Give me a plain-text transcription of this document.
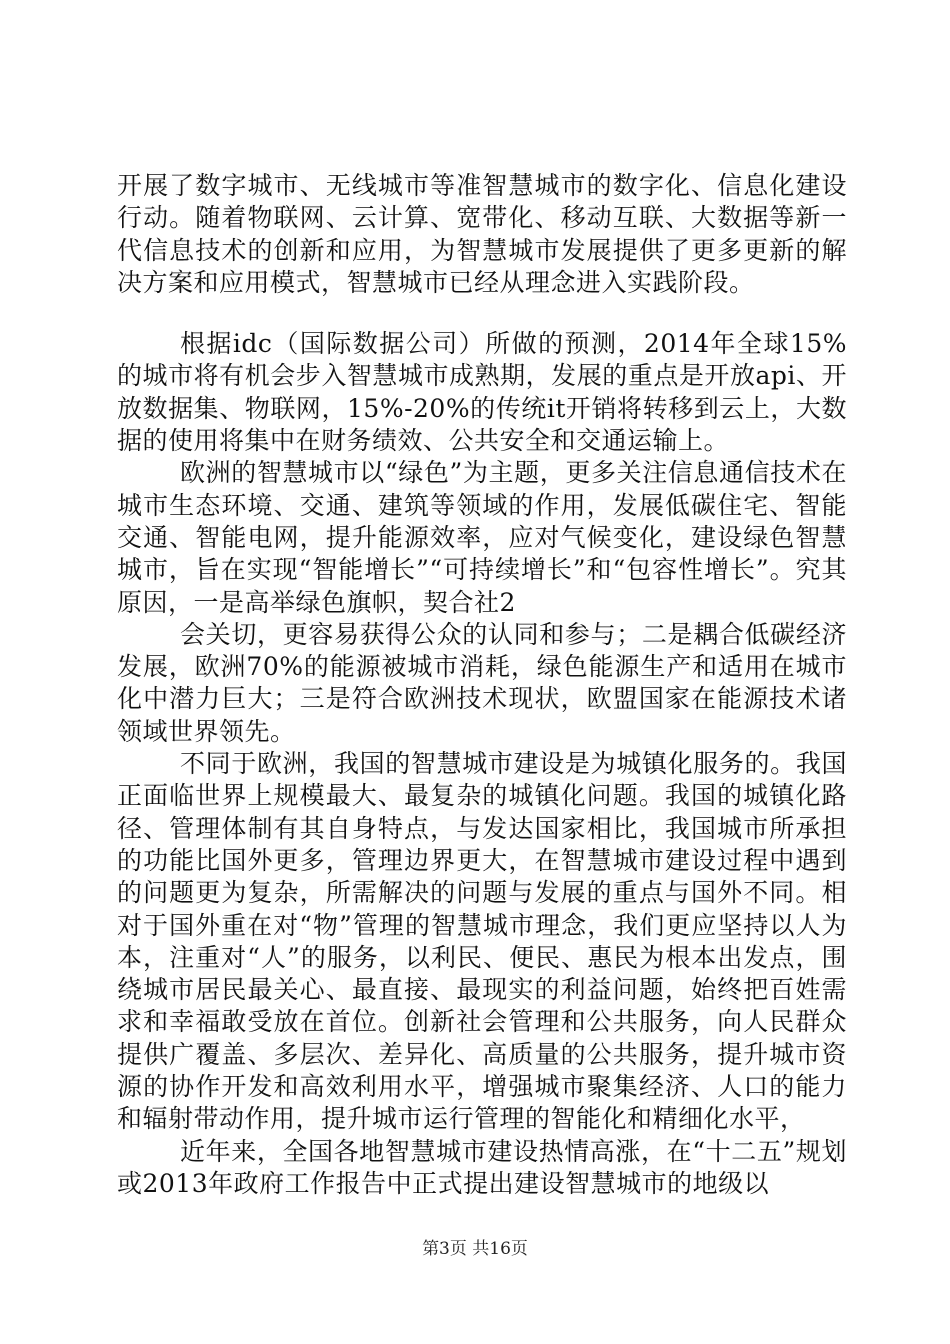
开展了数字城市、无线城市等准智慧城市的数字化、信息化建设行动。随着物联网、云计算、宽带化、移动互联、大数据等新一代信息技术的创新和应用，为智慧城市发展提供了更多更新的解决方案和应用模式，智慧城市已经从理念进入实践阶段。

根据idc（国际数据公司）所做的预测，2014年全球15%的城市将有机会步入智慧城市成熟期，发展的重点是开放api、开放数据集、物联网，15%-20%的传统it开销将转移到云上，大数据的使用将集中在财务绩效、公共安全和交通运输上。

欧洲的智慧城市以“绿色”为主题，更多关注信息通信技术在城市生态环境、交通、建筑等领域的作用，发展低碳住宅、智能交通、智能电网，提升能源效率，应对气候变化，建设绿色智慧城市，旨在实现“智能增长”“可持续增长”和“包容性增长”。究其原因，一是高举绿色旗帜，契合社2

会关切，更容易获得公众的认同和参与；二是耦合低碳经济发展，欧洲70%的能源被城市消耗，绿色能源生产和适用在城市化中潜力巨大；三是符合欧洲技术现状，欧盟国家在能源技术诸领域世界领先。

不同于欧洲，我国的智慧城市建设是为城镇化服务的。我国正面临世界上规模最大、最复杂的城镇化问题。我国的城镇化路径、管理体制有其自身特点，与发达国家相比，我国城市所承担的功能比国外更多，管理边界更大，在智慧城市建设过程中遇到的问题更为复杂，所需解决的问题与发展的重点与国外不同。相对于国外重在对“物”管理的智慧城市理念，我们更应坚持以人为本，注重对“人”的服务，以利民、便民、惠民为根本出发点，围绕城市居民最关心、最直接、最现实的利益问题，始终把百姓需求和幸福敢受放在首位。创新社会管理和公共服务，向人民群众提供广覆盖、多层次、差异化、高质量的公共服务，提升城市资源的协作开发和高效利用水平，增强城市聚集经济、人口的能力和辐射带动作用，提升城市运行管理的智能化和精细化水平，

近年来，全国各地智慧城市建设热情高涨，在“十二五”规划或2013年政府工作报告中正式提出建设智慧城市的地级以

第3页 共16页
